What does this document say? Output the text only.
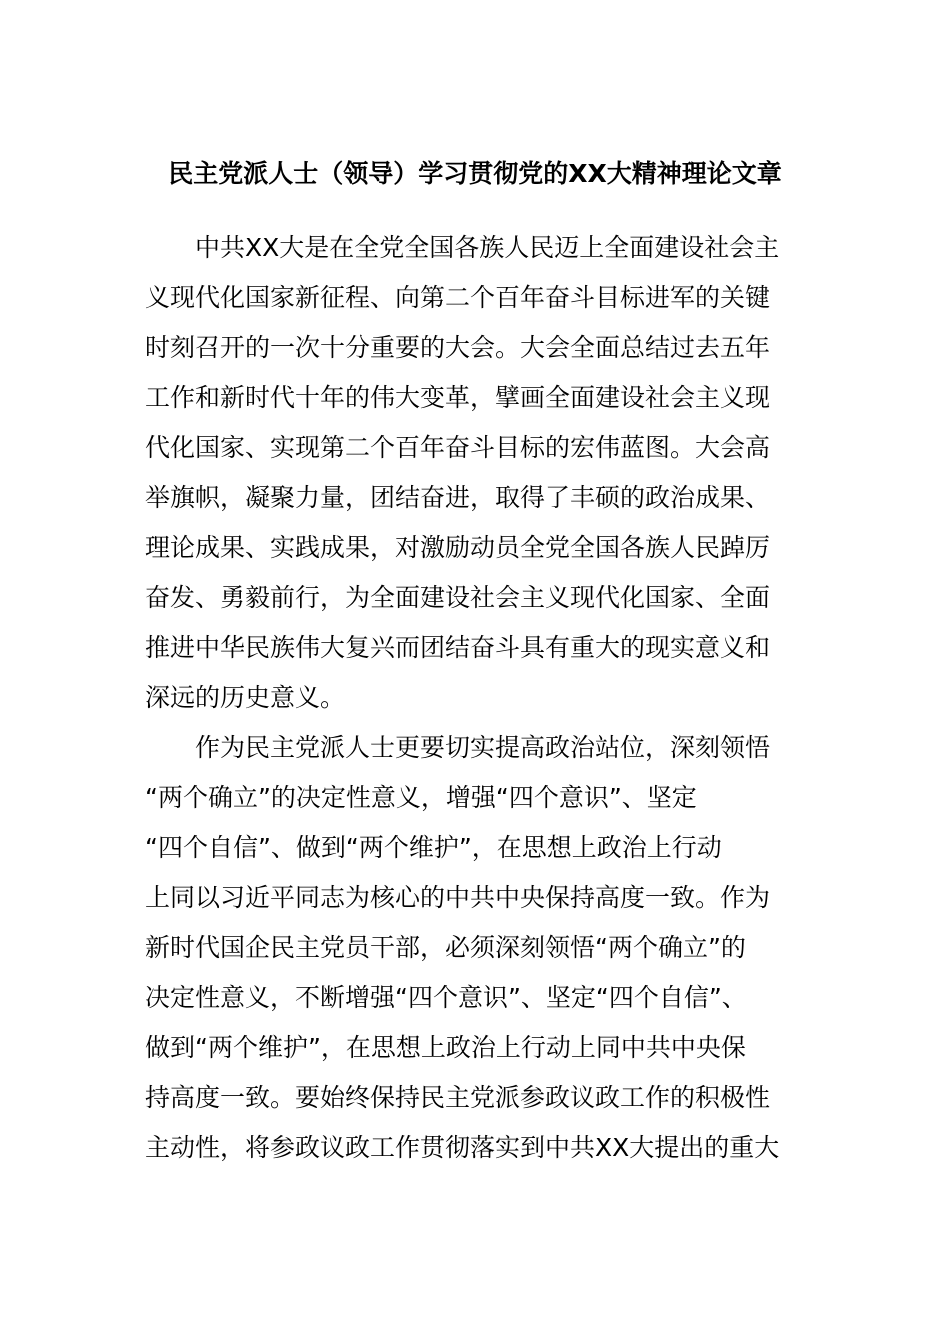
民主党派人士（领导）学习贯彻党的XX大精神理论文章
　　中共XX大是在全党全国各族人民迈上全面建设社会主
义现代化国家新征程、向第二个百年奋斗目标进军的关键
时刻召开的一次十分重要的大会。大会全面总结过去五年
工作和新时代十年的伟大变革，擘画全面建设社会主义现
代化国家、实现第二个百年奋斗目标的宏伟蓝图。大会高
举旗帜，凝聚力量，团结奋进，取得了丰硕的政治成果、
理论成果、实践成果，对激励动员全党全国各族人民踔厉
奋发、勇毅前行，为全面建设社会主义现代化国家、全面
推进中华民族伟大复兴而团结奋斗具有重大的现实意义和
深远的历史意义。
　　作为民主党派人士更要切实提高政治站位，深刻领悟
“两个确立”的决定性意义，增强“四个意识”、坚定
“四个自信”、做到“两个维护”，在思想上政治上行动
上同以习近平同志为核心的中共中央保持高度一致。作为
新时代国企民主党员干部，必须深刻领悟“两个确立”的
决定性意义，不断增强“四个意识”、坚定“四个自信”、
做到“两个维护”，在思想上政治上行动上同中共中央保
持高度一致。要始终保持民主党派参政议政工作的积极性
主动性，将参政议政工作贯彻落实到中共XX大提出的重大
